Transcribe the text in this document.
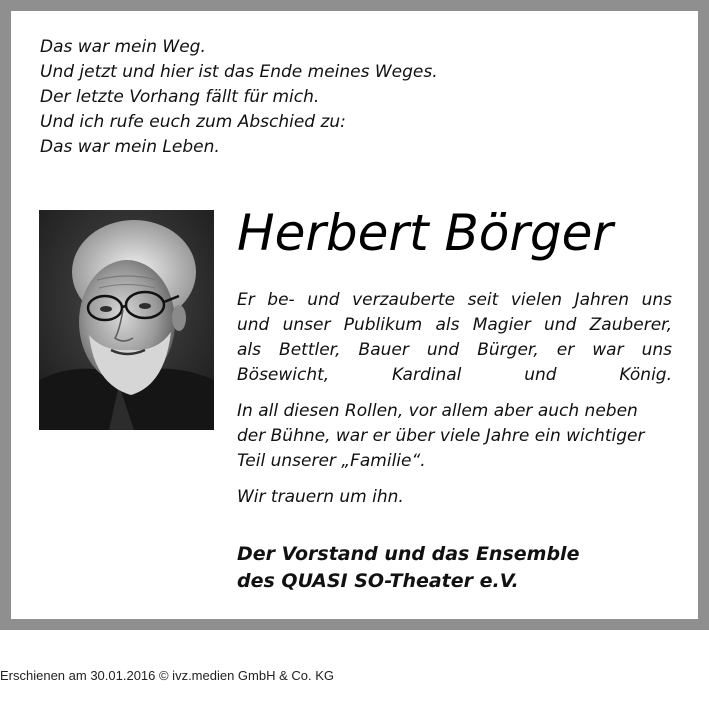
Das war mein Weg.
Und jetzt und hier ist das Ende meines Weges.
Der letzte Vorhang fällt für mich.
Und ich rufe euch zum Abschied zu:
Das war mein Leben.
Herbert Börger

Er be- und verzauberte seit vielen Jahren uns
und unser Publikum als Magier und Zauberer,
als Bettler, Bauer und Bürger, er war uns
Bösewicht, Kardinal und König.

In all diesen Rollen, vor allem aber auch neben
der Bühne, war er über viele Jahre ein wichtiger
Teil unserer „Familie“.

Wir trauern um ihn.

Der Vorstand und das Ensemble
des QUASI SO-Theater e.V.
Erschienen am 30.01.2016 © ivz.medien GmbH & Co. KG
